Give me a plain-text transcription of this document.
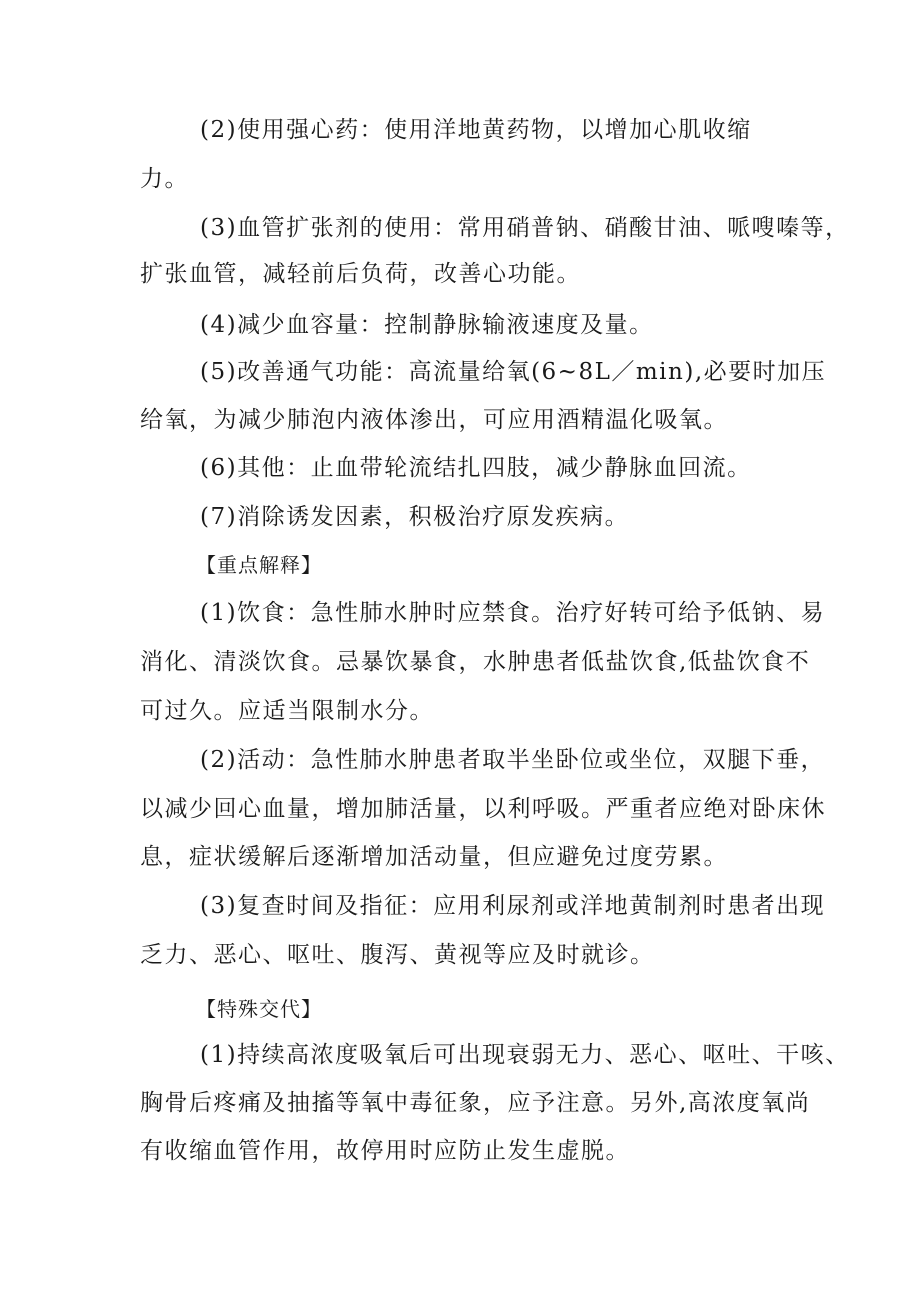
(2)使用强心药：使用洋地黄药物，以增加心肌收缩
力。
(3)血管扩张剂的使用：常用硝普钠、硝酸甘油、哌嗖嗪等，
扩张血管，减轻前后负荷，改善心功能。
(4)减少血容量：控制静脉输液速度及量。
(5)改善通气功能：高流量给氧(6~8L／min),必要时加压
给氧，为减少肺泡内液体渗出，可应用酒精温化吸氧。
(6)其他：止血带轮流结扎四肢，减少静脉血回流。
(7)消除诱发因素，积极治疗原发疾病。
【重点解释】
(1)饮食：急性肺水肿时应禁食。治疗好转可给予低钠、易
消化、清淡饮食。忌暴饮暴食，水肿患者低盐饮食,低盐饮食不
可过久。应适当限制水分。
(2)活动：急性肺水肿患者取半坐卧位或坐位，双腿下垂，
以减少回心血量，增加肺活量，以利呼吸。严重者应绝对卧床休
息，症状缓解后逐渐增加活动量，但应避免过度劳累。
(3)复查时间及指征：应用利尿剂或洋地黄制剂时患者出现
乏力、恶心、呕吐、腹泻、黄视等应及时就诊。
【特殊交代】
(1)持续高浓度吸氧后可出现衰弱无力、恶心、呕吐、干咳、
胸骨后疼痛及抽搐等氧中毒征象，应予注意。另外,高浓度氧尚
有收缩血管作用，故停用时应防止发生虚脱。
